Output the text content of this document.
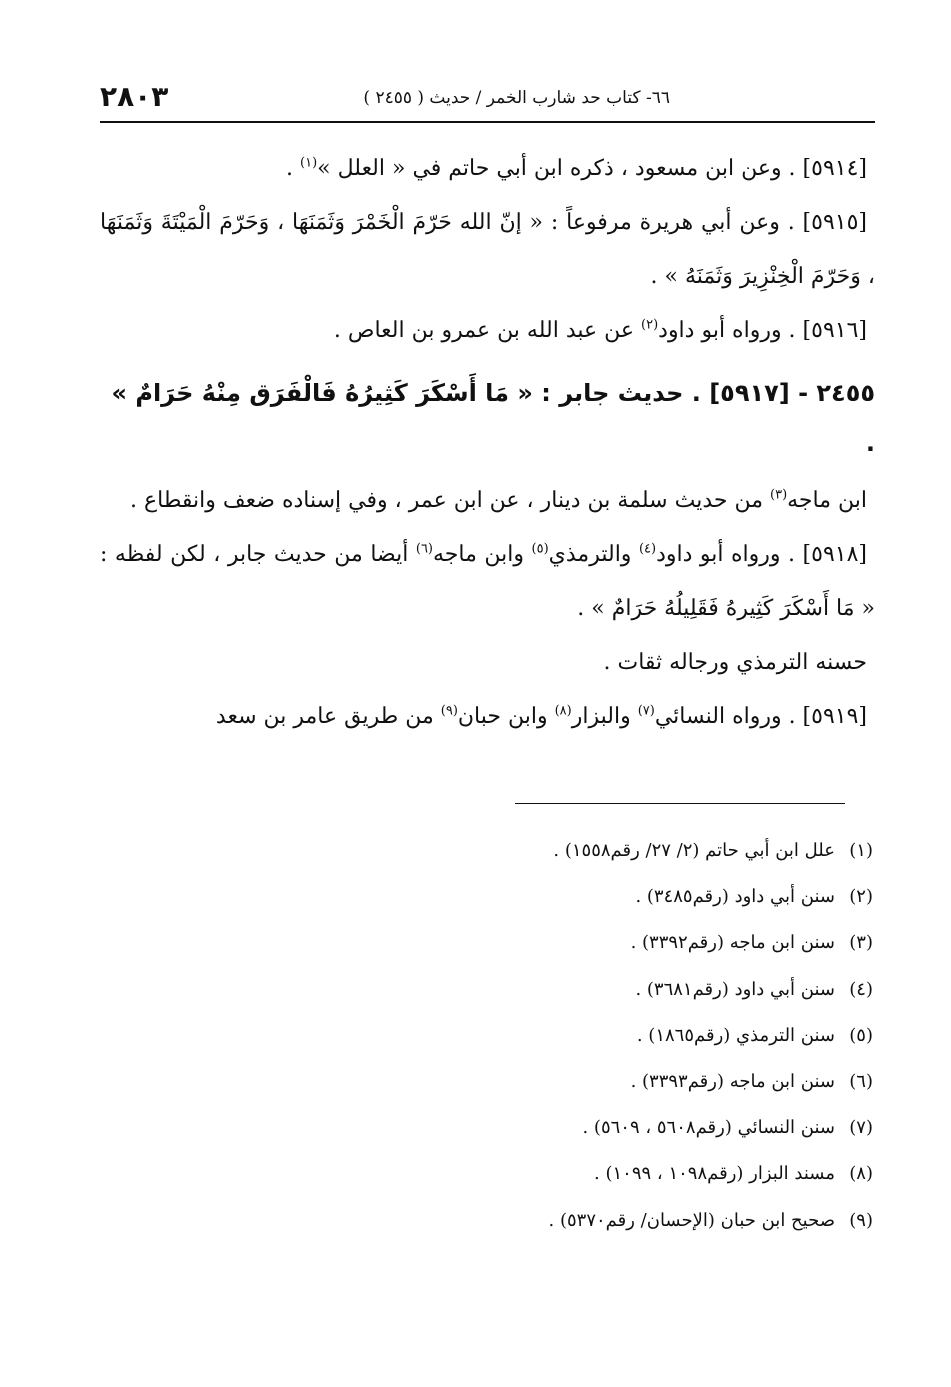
٢٨٠٣	٦٦- كتاب حد شارب الخمر / حديث ( ٢٤٥٥ )

[٥٩١٤] . وعن ابن مسعود ، ذكره ابن أبي حاتم في « العلل »$^{(١)}$ .

[٥٩١٥] . وعن أبي هريرة مرفوعاً : « إنّ الله حَرّمَ الْخَمْرَ وَثَمَنَهَا ، وَحَرّمَ الْمَيْتَةَ وَثَمَنَهَا ، وَحَرّمَ الْخِنْزِيرَ وَثَمَنَهُ » .

[٥٩١٦] . ورواه أبو داود$^{(٢)}$ عن عبد الله بن عمرو بن العاص .

٢٤٥٥ - [٥٩١٧] . حديث جابر : « مَا أَسْكَرَ كَثِيرُهُ فَالْفَرَق مِنْهُ حَرَامٌ » .

ابن ماجه$^{(٣)}$ من حديث سلمة بن دينار ، عن ابن عمر ، وفي إسناده ضعف وانقطاع .

[٥٩١٨] . ورواه أبو داود$^{(٤)}$ والترمذي$^{(٥)}$ وابن ماجه$^{(٦)}$ أيضا من حديث جابر ، لكن لفظه : « مَا أَسْكَرَ كَثِيرهُ فَقَلِيلُهُ حَرَامٌ » .

حسنه الترمذي ورجاله ثقات .

[٥٩١٩] . ورواه النسائي$^{(٧)}$ والبزار$^{(٨)}$ وابن حبان$^{(٩)}$ من طريق عامر بن سعد

(١)علل ابن أبي حاتم (٢/ ٢٧/ رقم١٥٥٨) .
(٢)سنن أبي داود (رقم٣٤٨٥) .
(٣)سنن ابن ماجه (رقم٣٣٩٢) .
(٤)سنن أبي داود (رقم٣٦٨١) .
(٥)سنن الترمذي (رقم١٨٦٥) .
(٦)سنن ابن ماجه (رقم٣٣٩٣) .
(٧)سنن النسائي (رقم٥٦٠٨ ، ٥٦٠٩) .
(٨)مسند البزار (رقم١٠٩٨ ، ١٠٩٩) .
(٩)صحيح ابن حبان (الإحسان/ رقم٥٣٧٠) .
